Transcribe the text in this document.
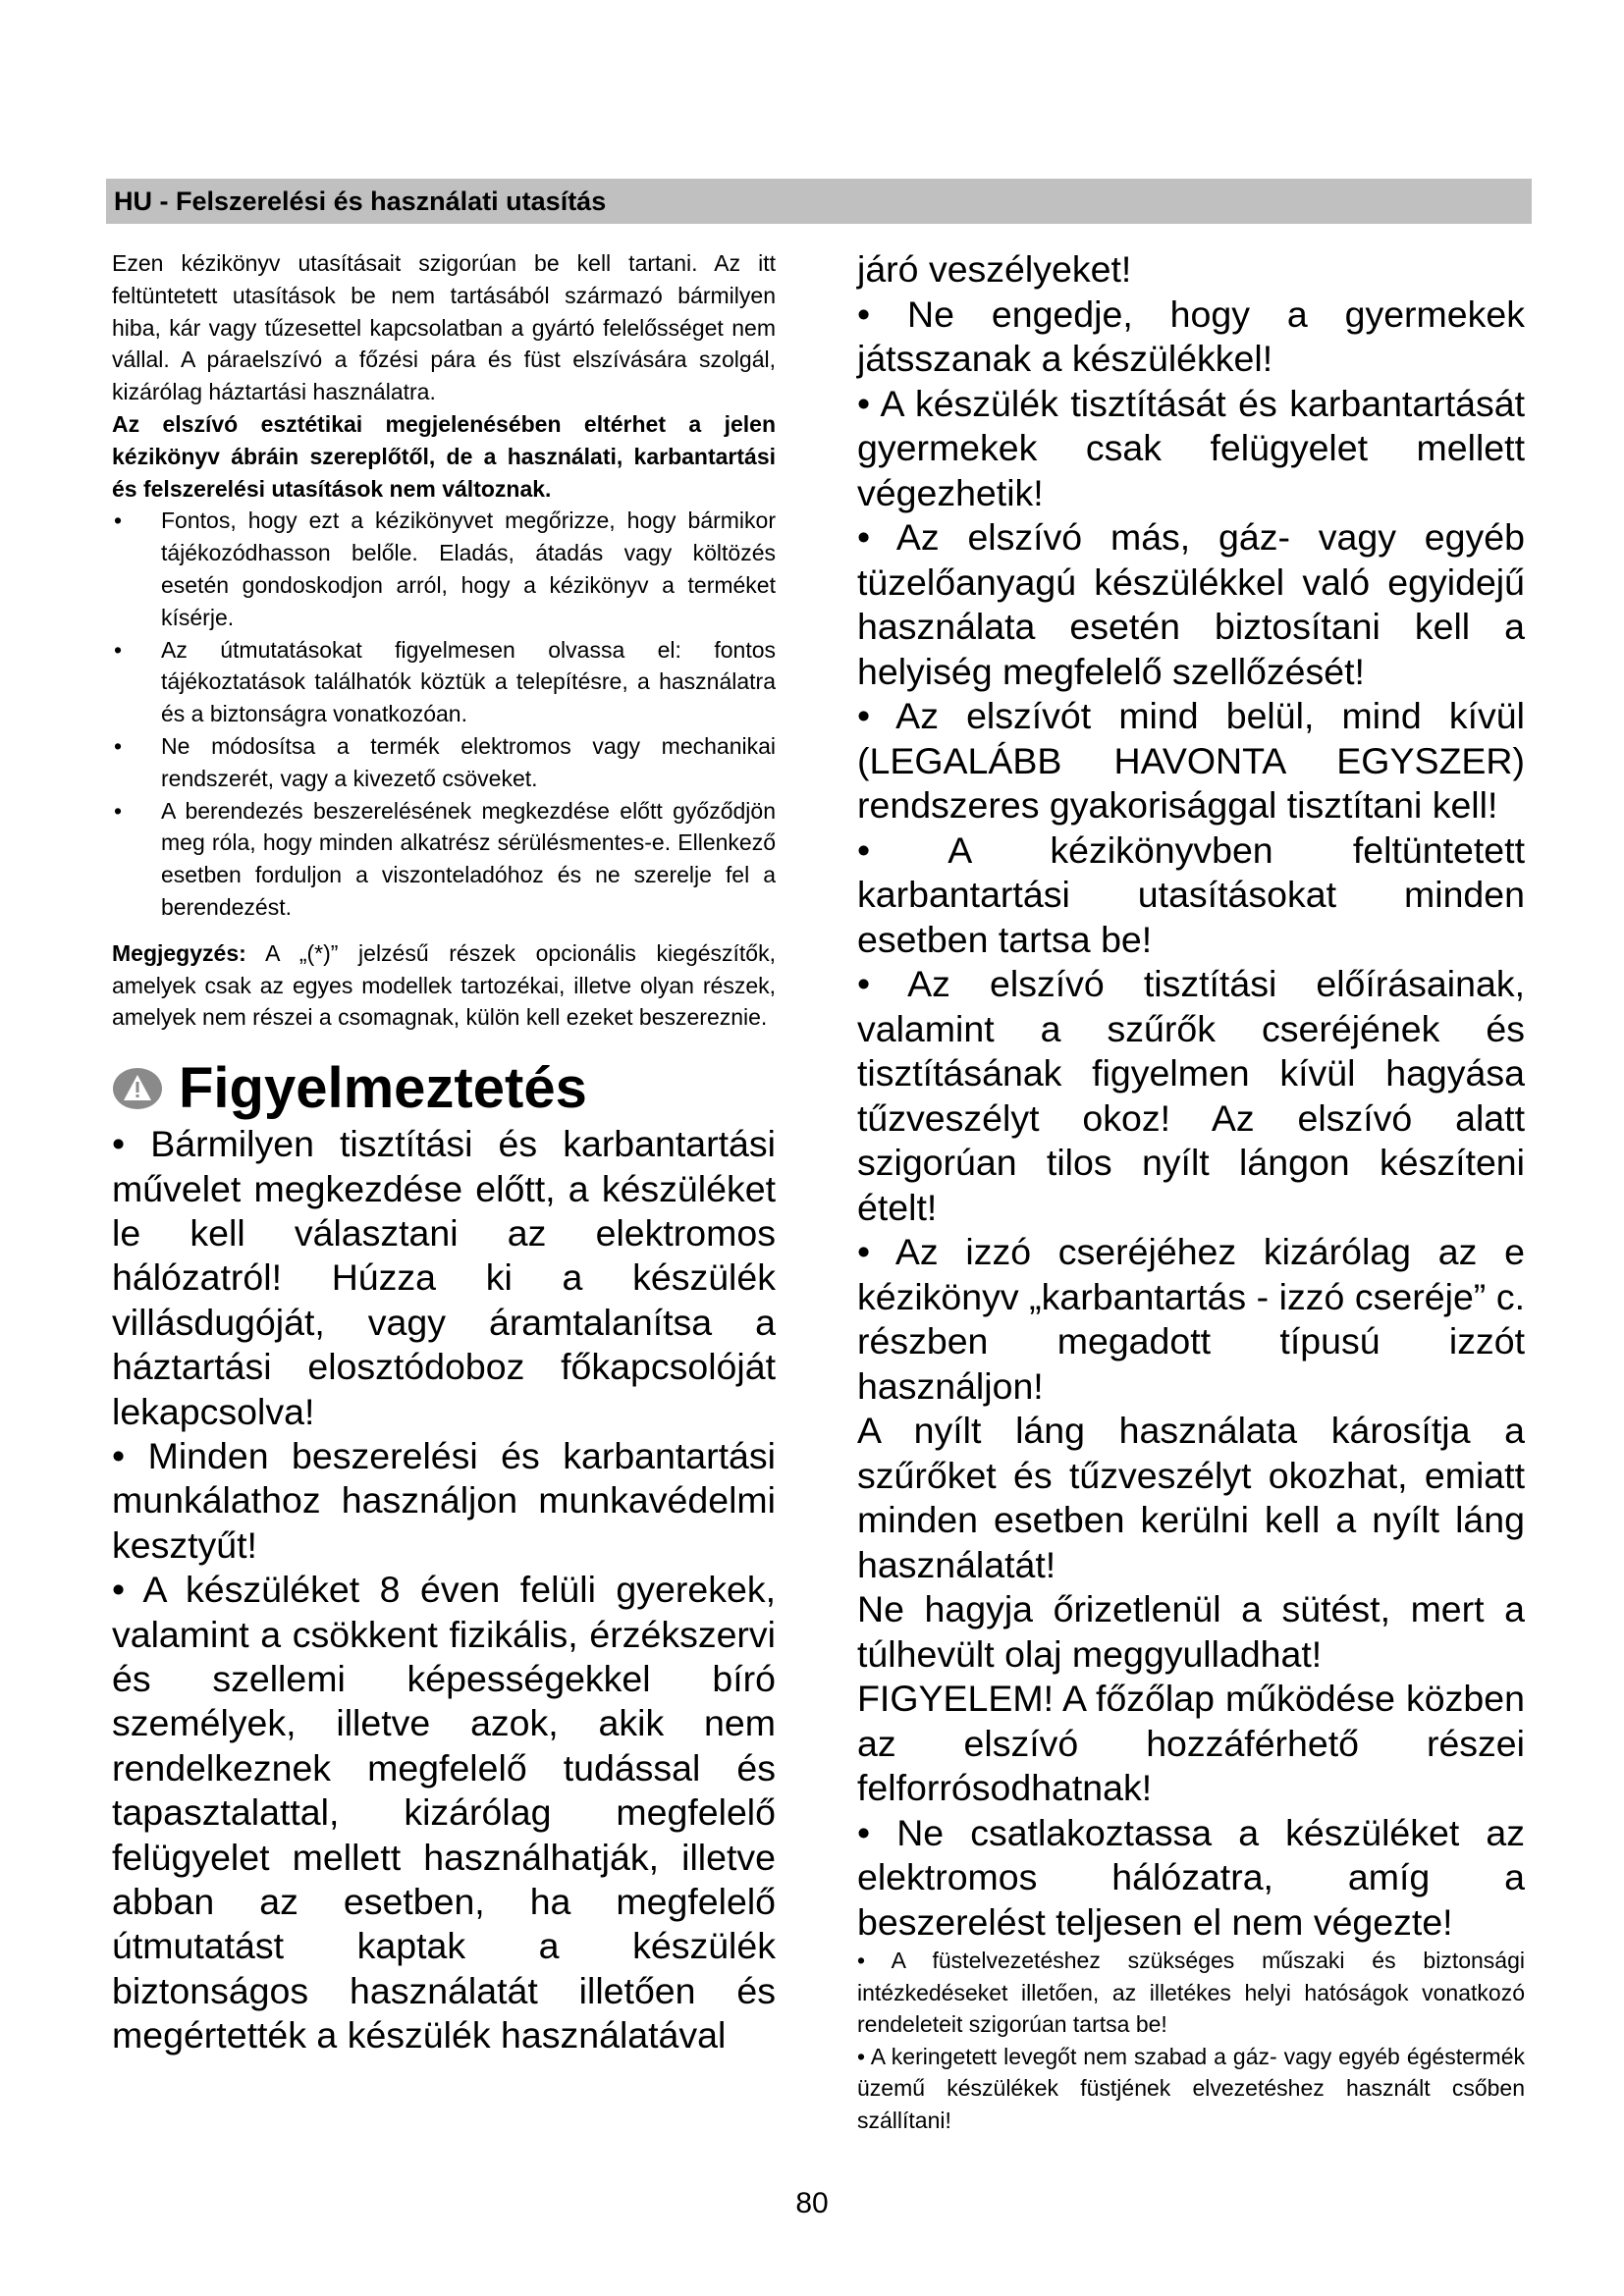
HU - Felszerelési és használati utasítás

Ezen kézikönyv utasításait szigorúan be kell tartani. Az itt feltüntetett utasítások be nem tartásából származó bármilyen hiba, kár vagy tűzesettel kapcsolatban a gyártó felelősséget nem vállal. A páraelszívó a főzési pára és füst elszívására szolgál, kizárólag háztartási használatra.

Az elszívó esztétikai megjelenésében eltérhet a jelen kézikönyv ábráin szereplőtől, de a használati, karbantartási és felszerelési utasítások nem változnak.

•	Fontos, hogy ezt a kézikönyvet megőrizze, hogy bármikor tájékozódhasson belőle. Eladás, átadás vagy költözés esetén gondoskodjon arról, hogy a kézikönyv a terméket kísérje.
•	Az útmutatásokat figyelmesen olvassa el: fontos tájékoztatások találhatók köztük a telepítésre, a használatra és a biztonságra vonatkozóan.
•	Ne módosítsa a termék elektromos vagy mechanikai rendszerét, vagy a kivezető csöveket.
•	A berendezés beszerelésének megkezdése előtt győződjön meg róla, hogy minden alkatrész sérülésmentes-e. Ellenkező esetben forduljon a viszonteladóhoz és ne szerelje fel a berendezést.

Megjegyzés: A „(*)” jelzésű részek opcionális kiegészítők, amelyek csak az egyes modellek tartozékai, illetve olyan részek, amelyek nem részei a csomagnak, külön kell ezeket beszereznie.

Figyelmeztetés

• Bármilyen tisztítási és karbantartási művelet megkezdése előtt, a készüléket le kell választani az elektromos hálózatról! Húzza ki a készülék villásdugóját, vagy áramtalanítsa a háztartási elosztódoboz főkapcsolóját lekapcsolva!

• Minden beszerelési és karbantartási munkálathoz használjon munkavédelmi kesztyűt!

• A készüléket 8 éven felüli gyerekek, valamint a csökkent fizikális, érzékszervi és szellemi képességekkel bíró személyek, illetve azok, akik nem rendelkeznek megfelelő tudással és tapasztalattal, kizárólag megfelelő felügyelet mellett használhatják, illetve abban az esetben, ha megfelelő útmutatást kaptak a készülék biztonságos használatát illetően és megértették a készülék használatával

járó veszélyeket!

• Ne engedje, hogy a gyermekek játsszanak a készülékkel!

• A készülék tisztítását és karbantartását gyermekek csak felügyelet mellett végezhetik!

• Az elszívó más, gáz- vagy egyéb tüzelőanyagú készülékkel való egyidejű használata esetén biztosítani kell a helyiség megfelelő szellőzését!

• Az elszívót mind belül, mind kívül (LEGALÁBB HAVONTA EGYSZER) rendszeres gyakorisággal tisztítani kell!

• A kézikönyvben feltüntetett karbantartási utasításokat minden esetben tartsa be!

• Az elszívó tisztítási előírásainak, valamint a szűrők cseréjének és tisztításának figyelmen kívül hagyása tűzveszélyt okoz! Az elszívó alatt szigorúan tilos nyílt lángon készíteni ételt!

• Az izzó cseréjéhez kizárólag az e kézikönyv „karbantartás - izzó cseréje” c. részben megadott típusú izzót használjon!

A nyílt láng használata károsítja a szűrőket és tűzveszélyt okozhat, emiatt minden esetben kerülni kell a nyílt láng használatát!

Ne hagyja őrizetlenül a sütést, mert a túlhevült olaj meggyulladhat!

FIGYELEM! A főzőlap működése közben az elszívó hozzáférhető részei felforrósodhatnak!

• Ne csatlakoztassa a készüléket az elektromos hálózatra, amíg a beszerelést teljesen el nem végezte!

• A füstelvezetéshez szükséges műszaki és biztonsági intézkedéseket illetően, az illetékes helyi hatóságok vonatkozó rendeleteit szigorúan tartsa be!

• A keringetett levegőt nem szabad a gáz- vagy egyéb égéstermék üzemű készülékek füstjének elvezetéshez használt csőben szállítani!

80
